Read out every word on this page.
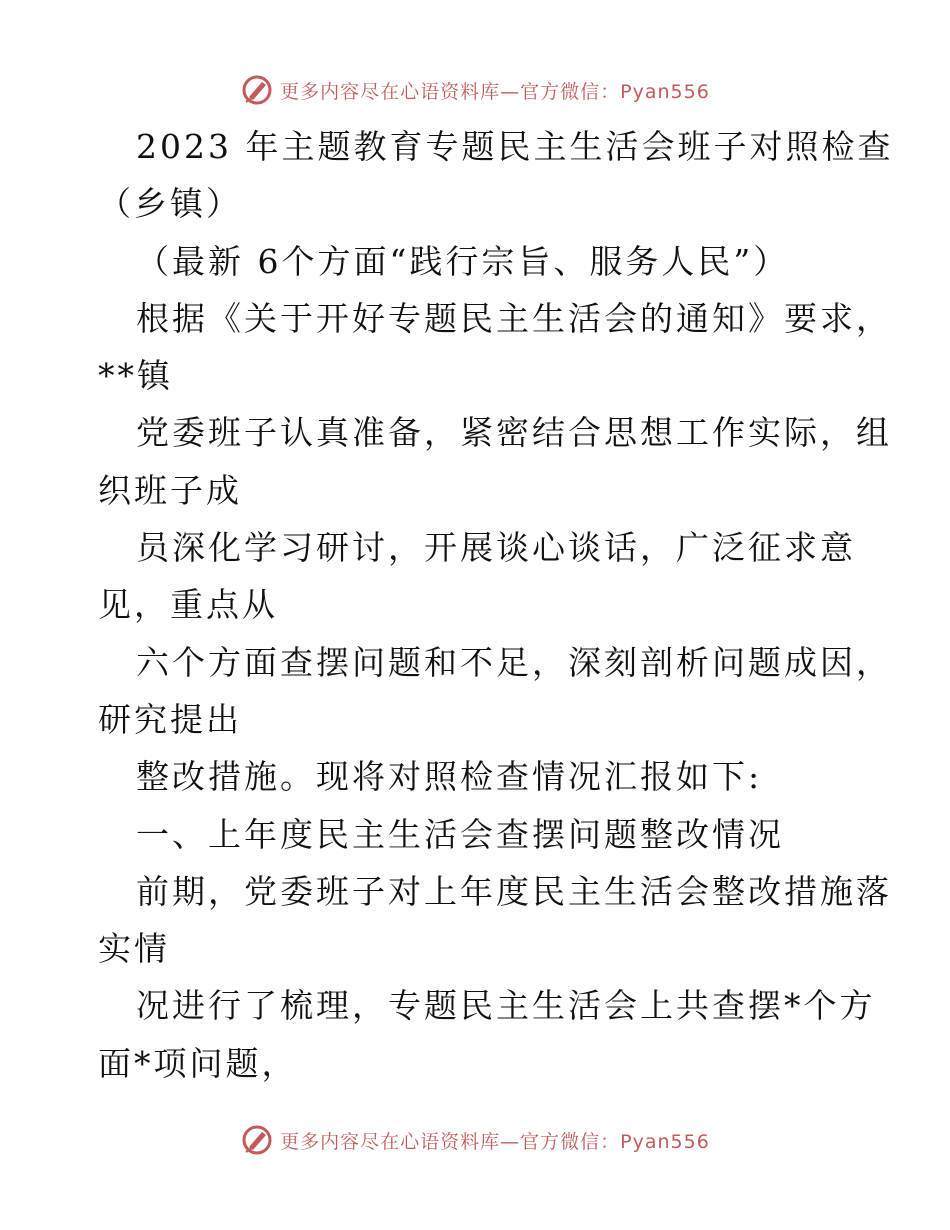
更多内容尽在心语资料库—官方微信：Pyan556
2023 年主题教育专题民主生活会班子对照检查
（乡镇）
（最新 6个方面“践行宗旨、服务人民”）
根据《关于开好专题民主生活会的通知》要求，
**镇
党委班子认真准备，紧密结合思想工作实际，组
织班子成
员深化学习研讨，开展谈心谈话，广泛征求意
见，重点从
六个方面查摆问题和不足，深刻剖析问题成因，
研究提出
整改措施。现将对照检查情况汇报如下:
一、上年度民主生活会查摆问题整改情况
前期，党委班子对上年度民主生活会整改措施落
实情
况进行了梳理，专题民主生活会上共查摆*个方
面*项问题，
更多内容尽在心语资料库—官方微信：Pyan556
